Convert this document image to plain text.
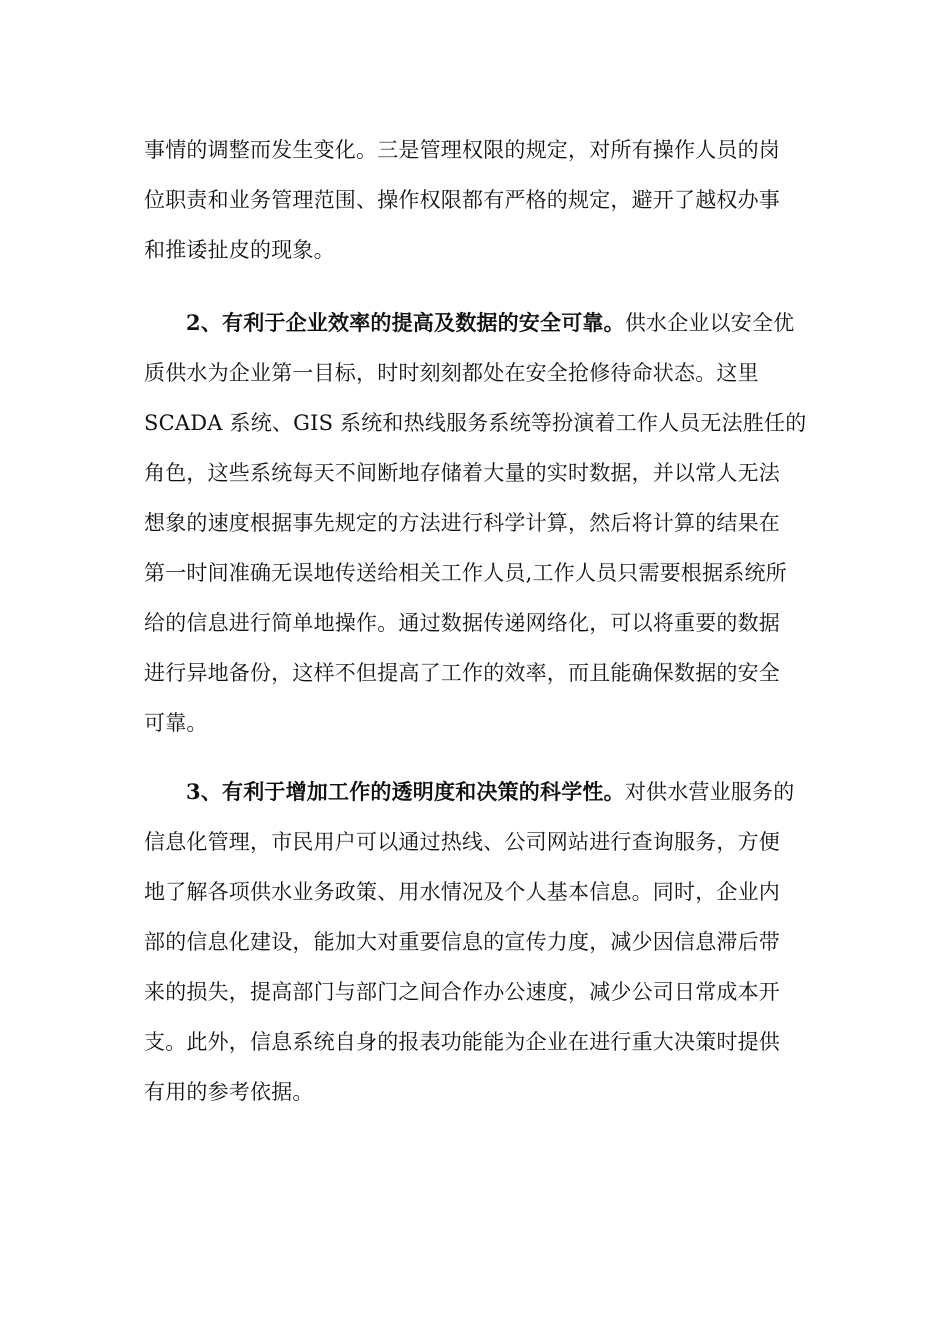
事情的调整而发生变化。三是管理权限的规定，对所有操作人员的岗
位职责和业务管理范围、操作权限都有严格的规定，避开了越权办事
和推诿扯皮的现象。
2、有利于企业效率的提高及数据的安全可靠。供水企业以安全优
质供水为企业第一目标，时时刻刻都处在安全抢修待命状态。这里
SCADA 系统、GIS 系统和热线服务系统等扮演着工作人员无法胜任的
角色，这些系统每天不间断地存储着大量的实时数据，并以常人无法
想象的速度根据事先规定的方法进行科学计算，然后将计算的结果在
第一时间准确无误地传送给相关工作人员,工作人员只需要根据系统所
给的信息进行简单地操作。通过数据传递网络化，可以将重要的数据
进行异地备份，这样不但提高了工作的效率，而且能确保数据的安全
可靠。
3、有利于增加工作的透明度和决策的科学性。对供水营业服务的
信息化管理，市民用户可以通过热线、公司网站进行查询服务，方便
地了解各项供水业务政策、用水情况及个人基本信息。同时，企业内
部的信息化建设，能加大对重要信息的宣传力度，减少因信息滞后带
来的损失，提高部门与部门之间合作办公速度，减少公司日常成本开
支。此外，信息系统自身的报表功能能为企业在进行重大决策时提供
有用的参考依据。
